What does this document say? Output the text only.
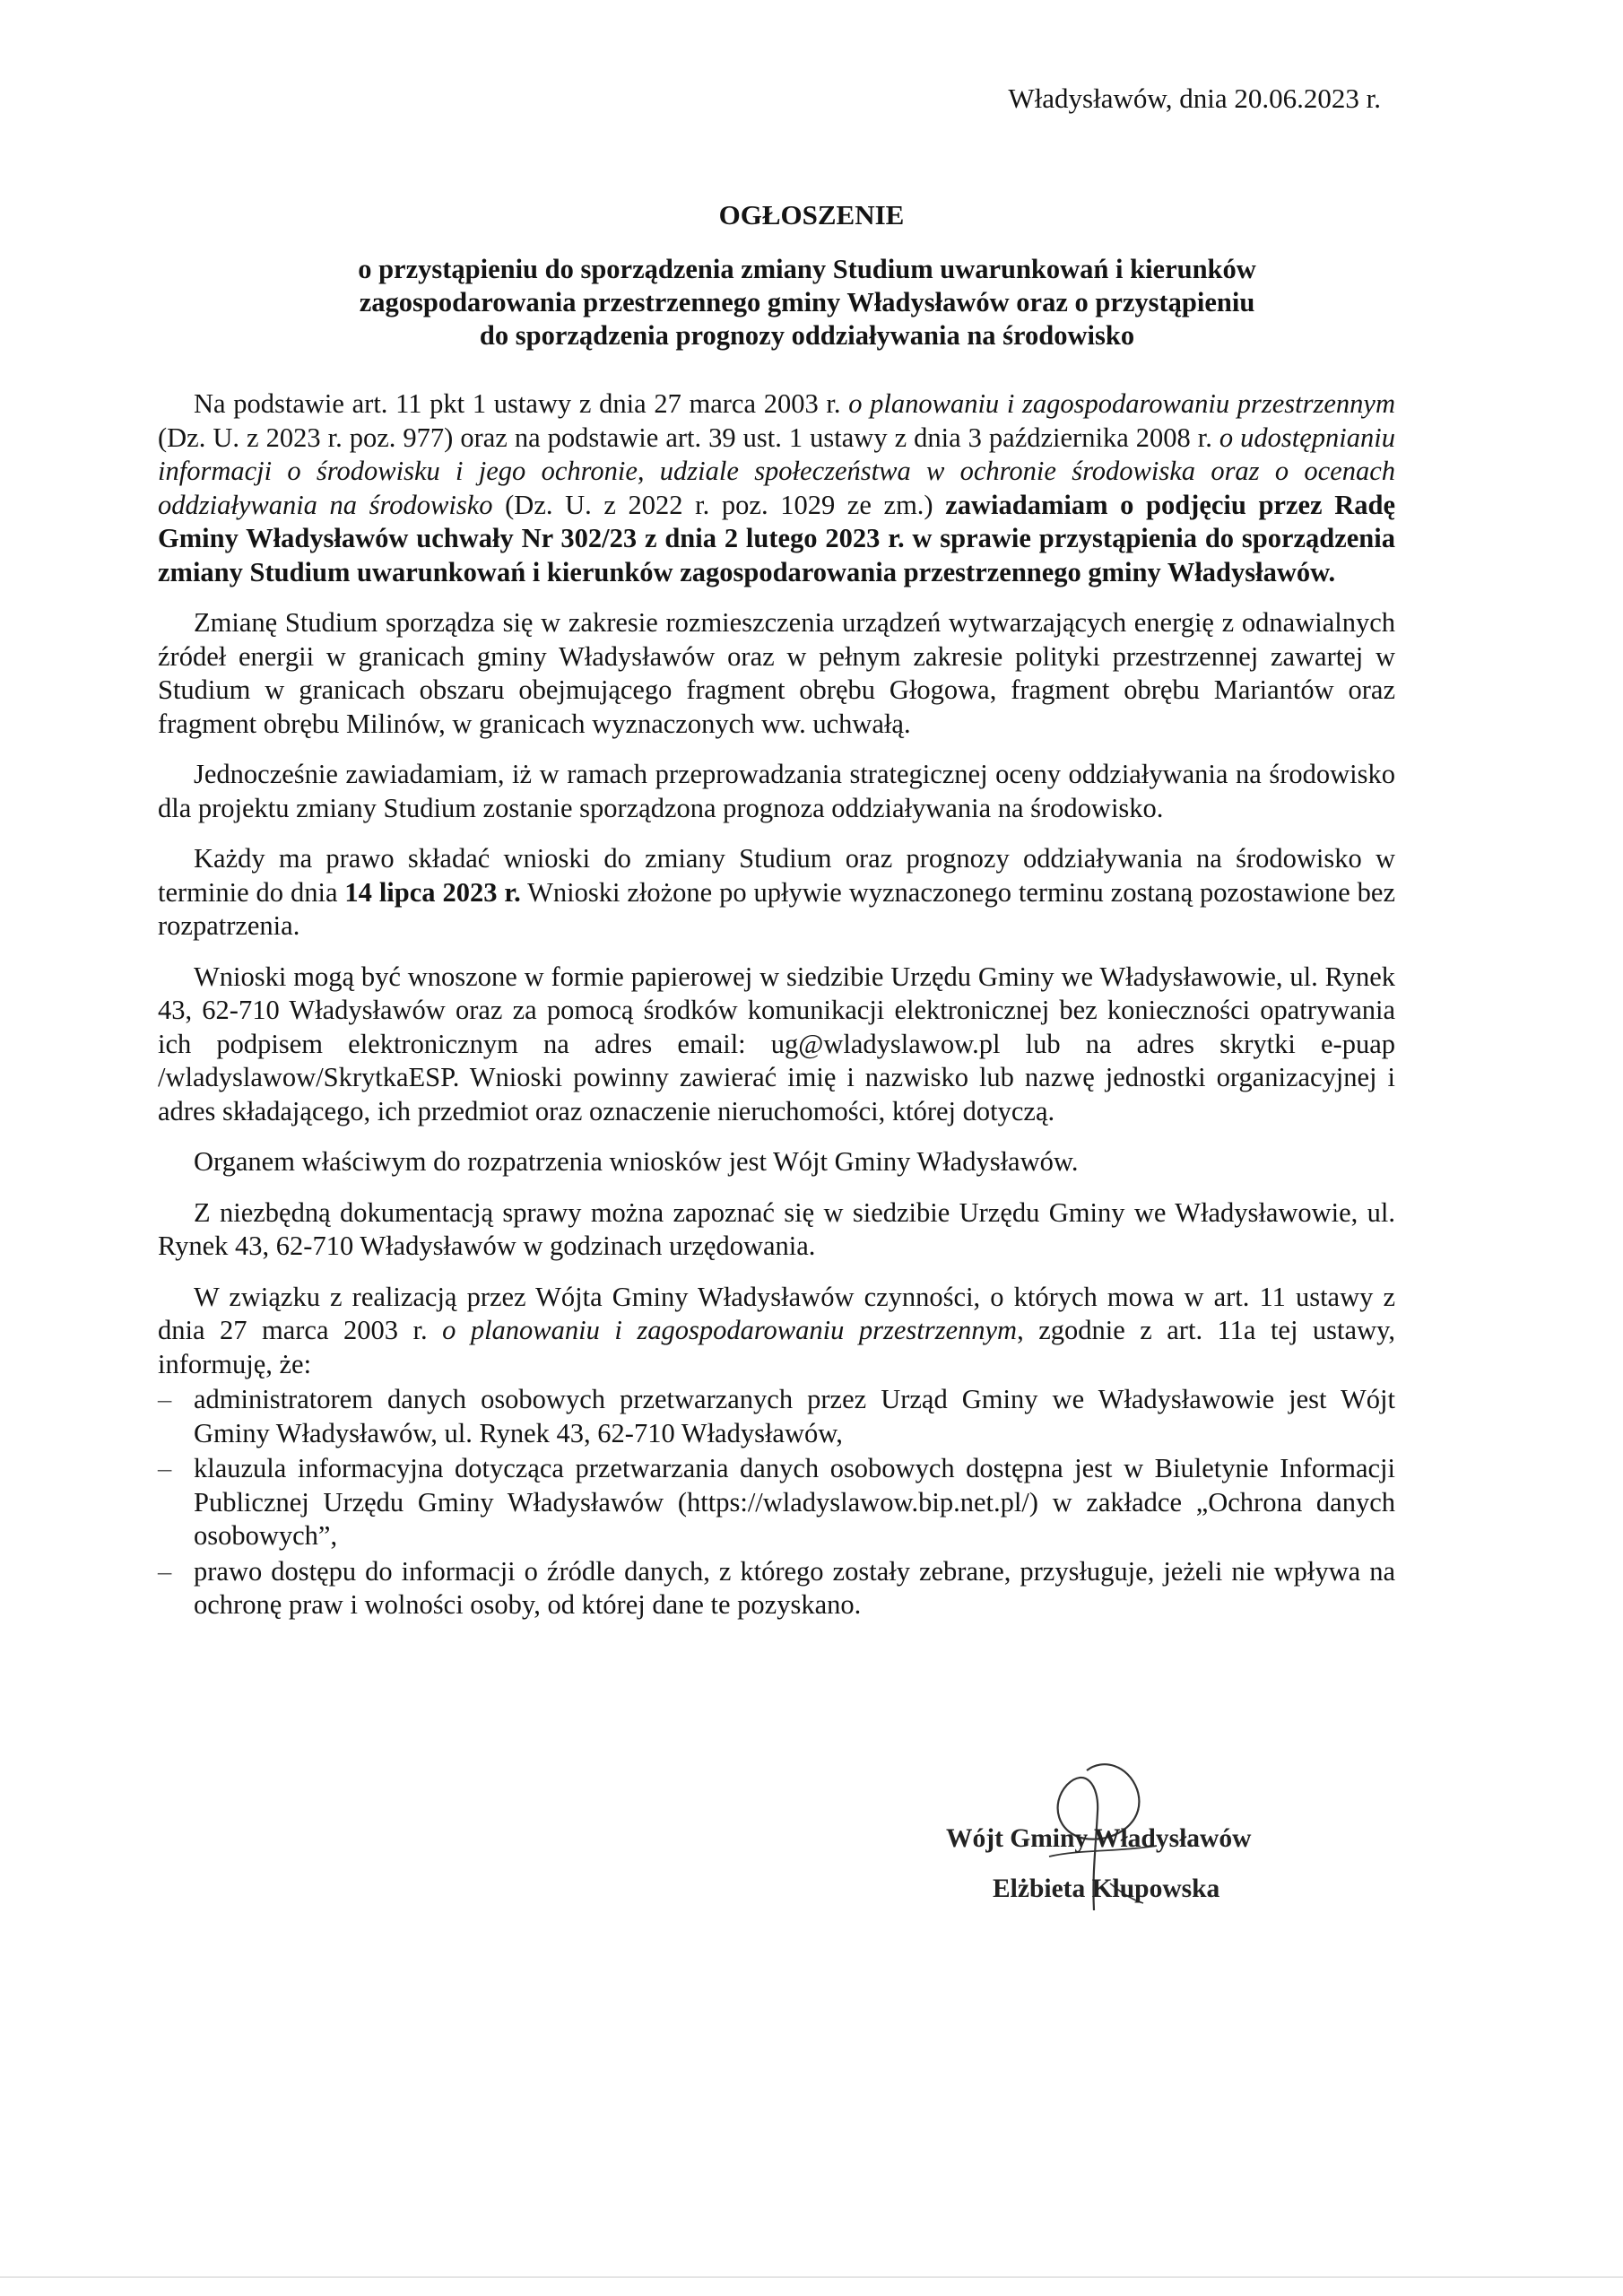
Władysławów, dnia 20.06.2023 r.
OGŁOSZENIE
o przystąpieniu do sporządzenia zmiany Studium uwarunkowań i kierunków
zagospodarowania przestrzennego gminy Władysławów oraz o przystąpieniu
do sporządzenia prognozy oddziaływania na środowisko

Na podstawie art. 11 pkt 1 ustawy z dnia 27 marca 2003 r. o planowaniu i zagospodarowaniu przestrzennym (Dz. U. z 2023 r. poz. 977) oraz na podstawie art. 39 ust. 1 ustawy z dnia 3 października 2008 r. o udostępnianiu informacji o środowisku i jego ochronie, udziale społeczeństwa w ochronie środowiska oraz o ocenach oddziaływania na środowisko (Dz. U. z 2022 r. poz. 1029 ze zm.) zawiadamiam o podjęciu przez Radę Gminy Władysławów uchwały Nr 302/23 z dnia 2 lutego 2023 r. w sprawie przystąpienia do sporządzenia zmiany Studium uwarunkowań i kierunków zagospodarowania przestrzennego gminy Władysławów.

Zmianę Studium sporządza się w zakresie rozmieszczenia urządzeń wytwarzających energię z odnawialnych źródeł energii w granicach gminy Władysławów oraz w pełnym zakresie polityki przestrzennej zawartej w Studium w granicach obszaru obejmującego fragment obrębu Głogowa, fragment obrębu Mariantów oraz fragment obrębu Milinów, w granicach wyznaczonych ww. uchwałą.

Jednocześnie zawiadamiam, iż w ramach przeprowadzania strategicznej oceny oddziaływania na środowisko dla projektu zmiany Studium zostanie sporządzona prognoza oddziaływania na środowisko.

Każdy ma prawo składać wnioski do zmiany Studium oraz prognozy oddziaływania na środowisko w terminie do dnia 14 lipca 2023 r. Wnioski złożone po upływie wyznaczonego terminu zostaną pozostawione bez rozpatrzenia.

Wnioski mogą być wnoszone w formie papierowej w siedzibie Urzędu Gminy we Władysławowie, ul. Rynek 43, 62-710 Władysławów oraz za pomocą środków komunikacji elektronicznej bez konieczności opatrywania ich podpisem elektronicznym na adres email: ug@wladyslawow.pl lub na adres skrytki e-puap /wladyslawow/SkrytkaESP. Wnioski powinny zawierać imię i nazwisko lub nazwę jednostki organizacyjnej i adres składającego, ich przedmiot oraz oznaczenie nieruchomości, której dotyczą.

Organem właściwym do rozpatrzenia wniosków jest Wójt Gminy Władysławów.

Z niezbędną dokumentacją sprawy można zapoznać się w siedzibie Urzędu Gminy we Władysławowie, ul. Rynek 43, 62-710 Władysławów w godzinach urzędowania.

W związku z realizacją przez Wójta Gminy Władysławów czynności, o których mowa w art. 11 ustawy z dnia 27 marca 2003 r. o planowaniu i zagospodarowaniu przestrzennym, zgodnie z art. 11a tej ustawy, informuję, że:

– administratorem danych osobowych przetwarzanych przez Urząd Gminy we Władysławowie jest Wójt Gminy Władysławów, ul. Rynek 43, 62-710 Władysławów,
– klauzula informacyjna dotycząca przetwarzania danych osobowych dostępna jest w Biuletynie Informacji Publicznej Urzędu Gminy Władysławów (https://wladyslawow.bip.net.pl/) w zakładce „Ochrona danych osobowych”,
– prawo dostępu do informacji o źródle danych, z którego zostały zebrane, przysługuje, jeżeli nie wpływa na ochronę praw i wolności osoby, od której dane te pozyskano.
Wójt Gminy Władysławów
Elżbieta Klupowska
